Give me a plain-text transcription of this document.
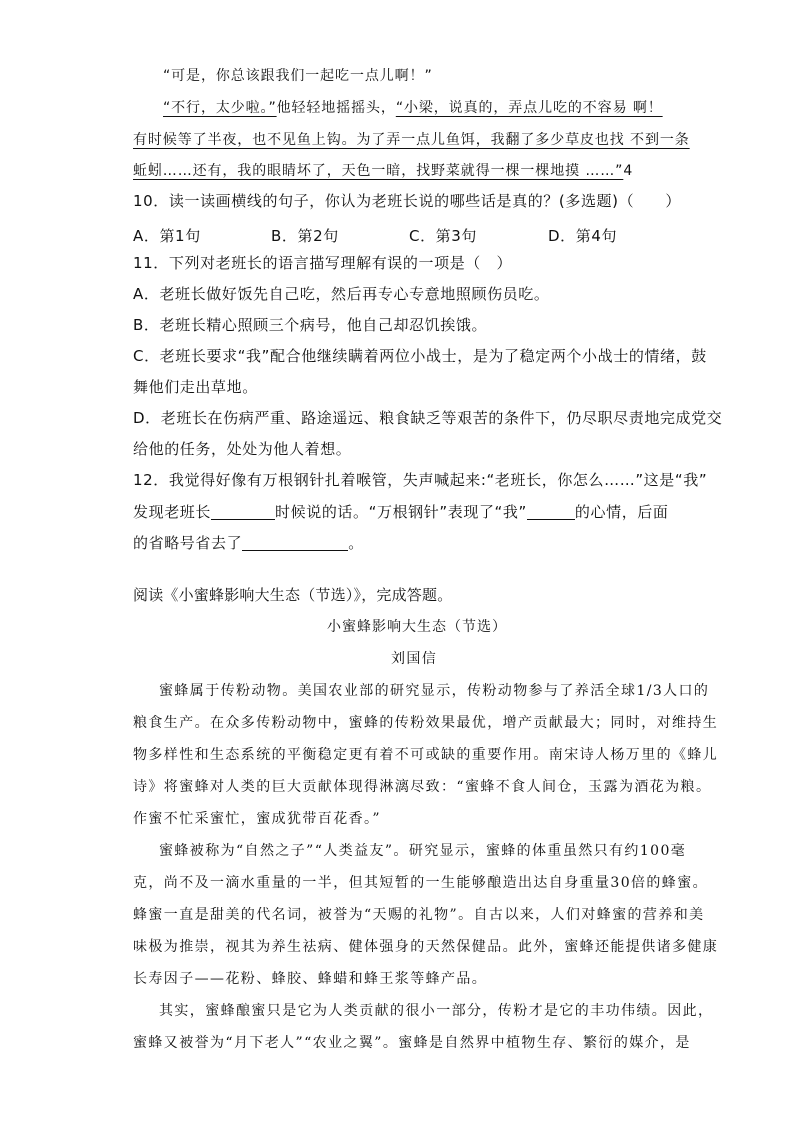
“可是，你总该跟我们一起吃一点儿啊！”
“不行，太少啦。”他轻轻地摇摇头，“小梁，说真的，弄点儿吃的不容易 啊！
有时候等了半夜，也不见鱼上钩。为了弄一点儿鱼饵，我翻了多少草皮也找 不到一条
蚯蚓……还有，我的眼睛坏了，天色一暗，找野菜就得一棵一棵地摸 ……”4
10．读一读画横线的句子，你认为老班长说的哪些话是真的？(多选题)（　　）
A．第1句	B．第2句	C．第3句	D．第4句
11．下列对老班长的语言描写理解有误的一项是（　）
A．老班长做好饭先自己吃，然后再专心专意地照顾伤员吃。
B．老班长精心照顾三个病号，他自己却忍饥挨饿。
C．老班长要求“我”配合他继续瞒着两位小战士，是为了稳定两个小战士的情绪，鼓
舞他们走出草地。
D．老班长在伤病严重、路途遥远、粮食缺乏等艰苦的条件下，仍尽职尽责地完成党交
给他的任务，处处为他人着想。
12．我觉得好像有万根钢针扎着喉管，失声喊起来:“老班长，你怎么……”这是“我”
发现老班长	时候说的话。“万根钢针”表现了“我”	的心情，后面
的省略号省去了	。
阅读《小蜜蜂影响大生态（节选）》，完成答题。
小蜜蜂影响大生态（节选）
刘国信
蜜蜂属于传粉动物。美国农业部的研究显示，传粉动物参与了养活全球1/3人口的
粮食生产。在众多传粉动物中，蜜蜂的传粉效果最优，增产贡献最大；同时，对维持生
物多样性和生态系统的平衡稳定更有着不可或缺的重要作用。南宋诗人杨万里的《蜂儿
诗》将蜜蜂对人类的巨大贡献体现得淋漓尽致：“蜜蜂不食人间仓，玉露为酒花为粮。
作蜜不忙采蜜忙，蜜成犹带百花香。”
蜜蜂被称为“自然之子”“人类益友”。研究显示，蜜蜂的体重虽然只有约100毫
克，尚不及一滴水重量的一半，但其短暂的一生能够酿造出达自身重量30倍的蜂蜜。
蜂蜜一直是甜美的代名词，被誉为“天赐的礼物”。自古以来，人们对蜂蜜的营养和美
味极为推崇，视其为养生祛病、健体强身的天然保健品。此外，蜜蜂还能提供诸多健康
长寿因子——花粉、蜂胶、蜂蜡和蜂王浆等蜂产品。
其实，蜜蜂酿蜜只是它为人类贡献的很小一部分，传粉才是它的丰功伟绩。因此，
蜜蜂又被誉为“月下老人”“农业之翼”。蜜蜂是自然界中植物生存、繁衍的媒介，是
